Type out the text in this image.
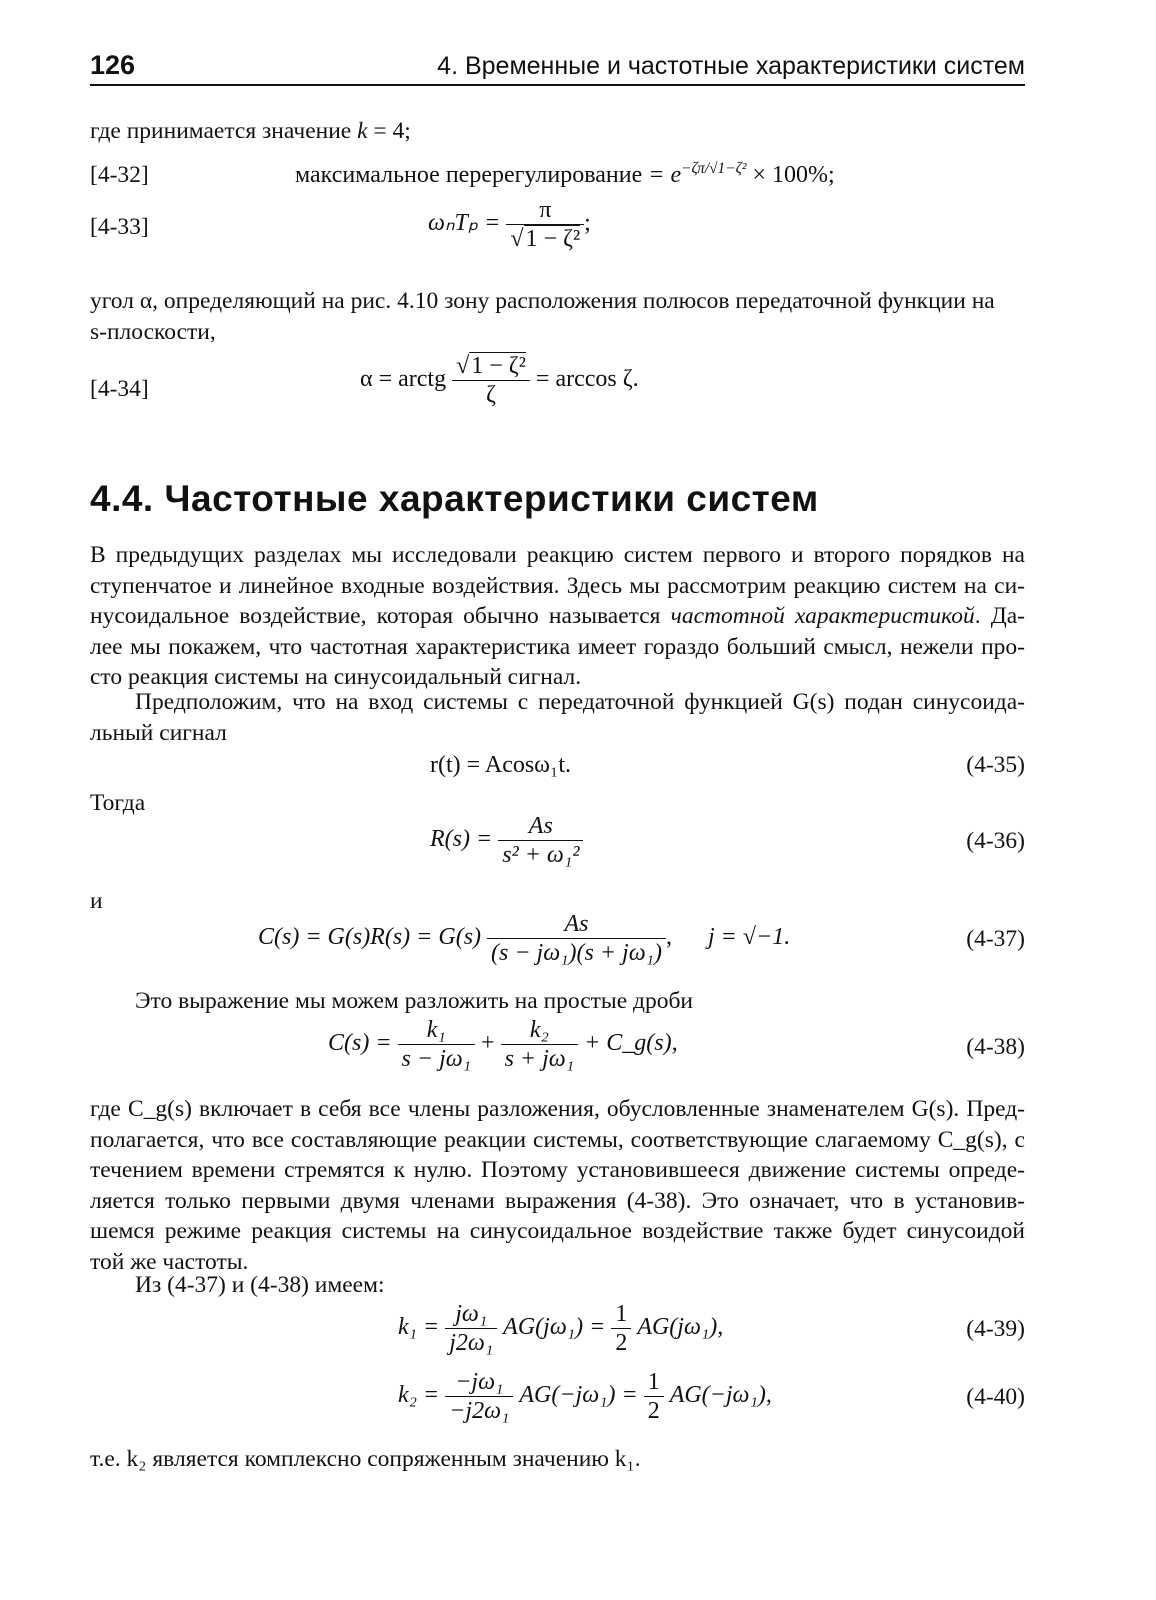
126	4. Временные и частотные характеристики систем
где принимается значение k = 4;
[4-32]	максимальное перерегулирование = $e^{-\zeta\pi/√1-\zeta^2} \times 100\%$;
[4-33]	$\omega_nT_p = \frac{\pi}{\text{√1 − ζ²}}$ ;
угол α, определяющий на рис. 4.10 зону расположения полюсов передаточной функции на
s-плоскости,
[4-34]	α = arctg $\frac{\text{√1 − ζ²}}{\zeta} = \arccos \zeta$.
4.4. Частотные характеристики систем
В предыдущих разделах мы исследовали реакцию систем первого и второго порядков на
ступенчатое и линейное входные воздействия. Здесь мы рассмотрим реакцию систем на си-
нусоидальное воздействие, которая обычно называется частотной характеристикой. Да-
лее мы покажем, что частотная характеристика имеет гораздо больший смысл, нежели про-
сто реакция системы на синусоидальный сигнал.
Предположим, что на вход системы с передаточной функцией G(s) подан синусоида-
льный сигнал
r(t) = Acosω₁t.	(4-35)
Тогда
$R(s) = \frac{As}{\text{s² + ω₁²}}$	(4-36)
и
$C(s) = G(s)R(s) = G(s) \frac{As}{\text{(s − jω₁)(s + jω₁)}}$ , j = √−1.	(4-37)
Это выражение мы можем разложить на простые дроби
$C(s) = \frac{\text{k₁}}{\text{s − jω₁}} + \frac{\text{k₂}}{\text{s + jω₁}}$ + C_g(s),	(4-38)
где C_g(s) включает в себя все члены разложения, обусловленные знаменателем G(s). Пред-
полагается, что все составляющие реакции системы, соответствующие слагаемому C_g(s), с
течением времени стремятся к нулю. Поэтому установившееся движение системы опреде-
ляется только первыми двумя членами выражения (4-38). Это означает, что в установив-
шемся режиме реакция системы на синусоидальное воздействие также будет синусоидой
той же частоты.
Из (4-37) и (4-38) имеем:
$k_1 = \frac{\text{jω₁}}{\text{j2ω₁}} AG(j\omega_1) = \frac{1}{2} AG(j\omega_1)$,	(4-39)
$k_2 = \frac{\text{−jω₁}}{\text{−j2ω₁}} AG(-j\omega_1) = \frac{1}{2} AG(-j\omega_1)$,	(4-40)
т.е. k₂ является комплексно сопряженным значению k₁.
